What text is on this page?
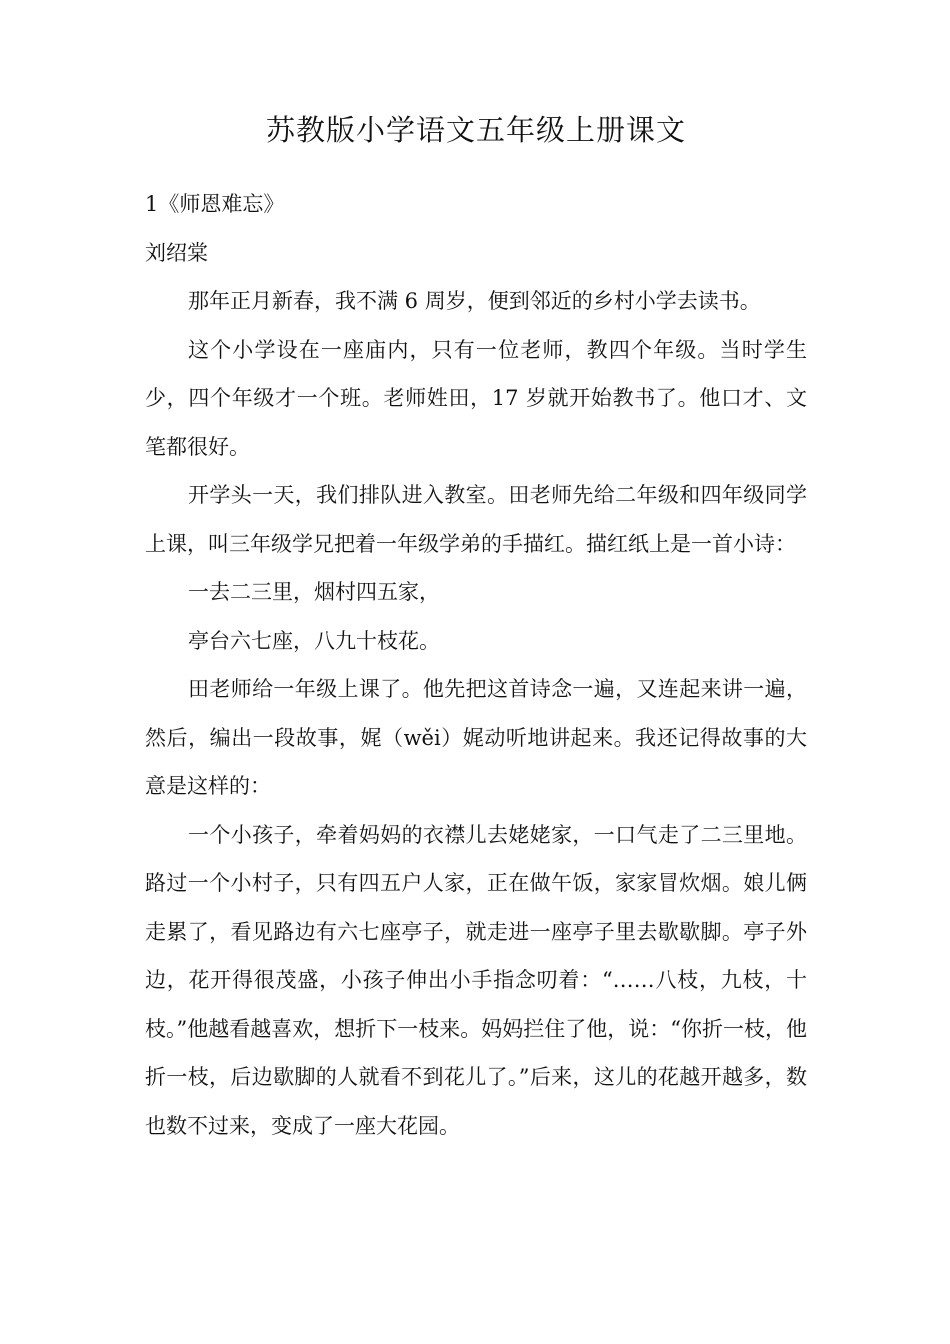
苏教版小学语文五年级上册课文

1《师恩难忘》

刘绍棠

那年正月新春，我不满 6 周岁，便到邻近的乡村小学去读书。

这个小学设在一座庙内，只有一位老师，教四个年级。当时学生少，四个年级才一个班。老师姓田，17 岁就开始教书了。他口才、文笔都很好。

开学头一天，我们排队进入教室。田老师先给二年级和四年级同学上课，叫三年级学兄把着一年级学弟的手描红。描红纸上是一首小诗：

一去二三里，烟村四五家，

亭台六七座，八九十枝花。

田老师给一年级上课了。他先把这首诗念一遍，又连起来讲一遍，然后，编出一段故事，娓（wěi）娓动听地讲起来。我还记得故事的大意是这样的：

一个小孩子，牵着妈妈的衣襟儿去姥姥家，一口气走了二三里地。路过一个小村子，只有四五户人家，正在做午饭，家家冒炊烟。娘儿俩走累了，看见路边有六七座亭子，就走进一座亭子里去歇歇脚。亭子外边，花开得很茂盛，小孩子伸出小手指念叨着：“……八枝，九枝，十枝。”他越看越喜欢，想折下一枝来。妈妈拦住了他，说：“你折一枝，他折一枝，后边歇脚的人就看不到花儿了。”后来，这儿的花越开越多，数也数不过来，变成了一座大花园。
